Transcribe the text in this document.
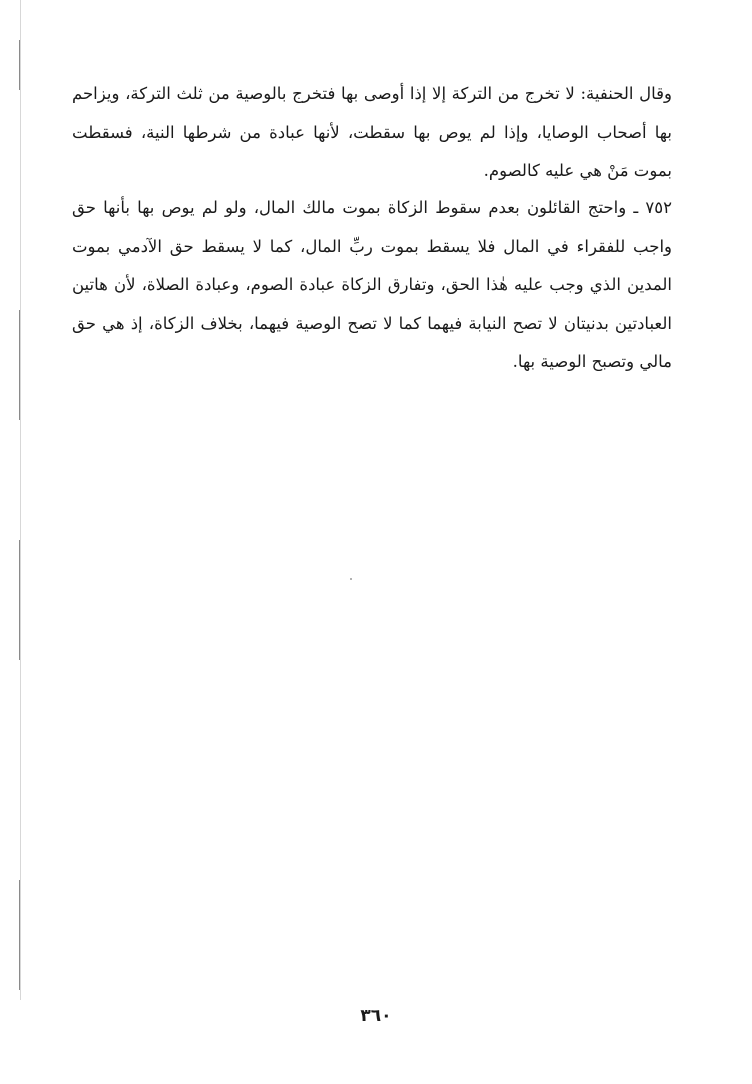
وقال الحنفية: لا تخرج من التركة إلا إذا أوصى بها فتخرج بالوصية من ثلث التركة، ويزاحم بها أصحاب الوصايا، وإذا لم يوص بها سقطت، لأنها عبادة من شرطها النية، فسقطت بموت مَنْ هي عليه كالصوم.
٧٥٢ ـ واحتج القائلون بعدم سقوط الزكاة بموت مالك المال، ولو لم يوص بها بأنها حق واجب للفقراء في المال فلا يسقط بموت ربِّ المال، كما لا يسقط حق الآدمي بموت المدين الذي وجب عليه هٰذا الحق، وتفارق الزكاة عبادة الصوم، وعبادة الصلاة، لأن هاتين العبادتين بدنيتان لا تصح النيابة فيهما كما لا تصح الوصية فيهما، بخلاف الزكاة، إذ هي حق مالي وتصبح الوصية بها.
٣٦٠
